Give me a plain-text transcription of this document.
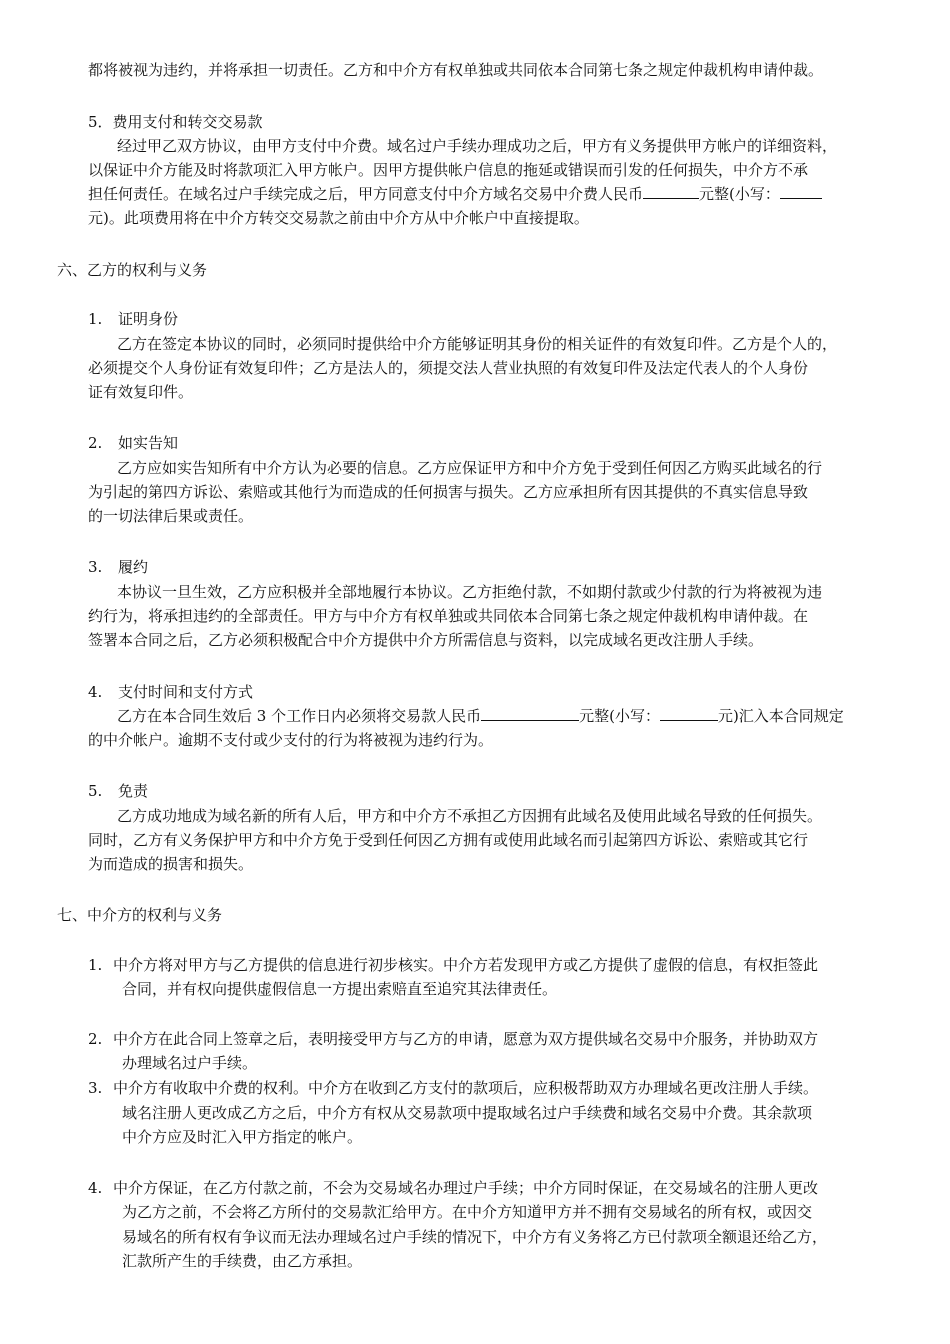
都将被视为违约，并将承担一切责任。乙方和中介方有权单独或共同依本合同第七条之规定仲裁机构申请仲裁。
5．费用支付和转交交易款
经过甲乙双方协议，由甲方支付中介费。域名过户手续办理成功之后，甲方有义务提供甲方帐户的详细资料，
以保证中介方能及时将款项汇入甲方帐户。因甲方提供帐户信息的拖延或错误而引发的任何损失，中介方不承
担任何责任。在域名过户手续完成之后，甲方同意支付中介方域名交易中介费人民币	元整(小写：
元)。此项费用将在中介方转交交易款之前由中介方从中介帐户中直接提取。
六、乙方的权利与义务
1. 证明身份
乙方在签定本协议的同时，必须同时提供给中介方能够证明其身份的相关证件的有效复印件。乙方是个人的，
必须提交个人身份证有效复印件；乙方是法人的，须提交法人营业执照的有效复印件及法定代表人的个人身份
证有效复印件。
2. 如实告知
乙方应如实告知所有中介方认为必要的信息。乙方应保证甲方和中介方免于受到任何因乙方购买此域名的行
为引起的第四方诉讼、索赔或其他行为而造成的任何损害与损失。乙方应承担所有因其提供的不真实信息导致
的一切法律后果或责任。
3. 履约
本协议一旦生效，乙方应积极并全部地履行本协议。乙方拒绝付款，不如期付款或少付款的行为将被视为违
约行为，将承担违约的全部责任。甲方与中介方有权单独或共同依本合同第七条之规定仲裁机构申请仲裁。在
签署本合同之后，乙方必须积极配合中介方提供中介方所需信息与资料，以完成域名更改注册人手续。
4. 支付时间和支付方式
乙方在本合同生效后 3 个工作日内必须将交易款人民币	元整(小写：	元)汇入本合同规定
的中介帐户。逾期不支付或少支付的行为将被视为违约行为。
5. 免责
乙方成功地成为域名新的所有人后，甲方和中介方不承担乙方因拥有此域名及使用此域名导致的任何损失。
同时，乙方有义务保护甲方和中介方免于受到任何因乙方拥有或使用此域名而引起第四方诉讼、索赔或其它行
为而造成的损害和损失。
七、中介方的权利与义务
1. 中介方将对甲方与乙方提供的信息进行初步核实。中介方若发现甲方或乙方提供了虚假的信息，有权拒签此
合同，并有权向提供虚假信息一方提出索赔直至追究其法律责任。
2. 中介方在此合同上签章之后，表明接受甲方与乙方的申请，愿意为双方提供域名交易中介服务，并协助双方
办理域名过户手续。
3. 中介方有收取中介费的权利。中介方在收到乙方支付的款项后，应积极帮助双方办理域名更改注册人手续。
域名注册人更改成乙方之后，中介方有权从交易款项中提取域名过户手续费和域名交易中介费。其余款项
中介方应及时汇入甲方指定的帐户。
4. 中介方保证，在乙方付款之前，不会为交易域名办理过户手续；中介方同时保证，在交易域名的注册人更改
为乙方之前，不会将乙方所付的交易款汇给甲方。在中介方知道甲方并不拥有交易域名的所有权，或因交
易域名的所有权有争议而无法办理域名过户手续的情况下，中介方有义务将乙方已付款项全额退还给乙方，
汇款所产生的手续费，由乙方承担。
